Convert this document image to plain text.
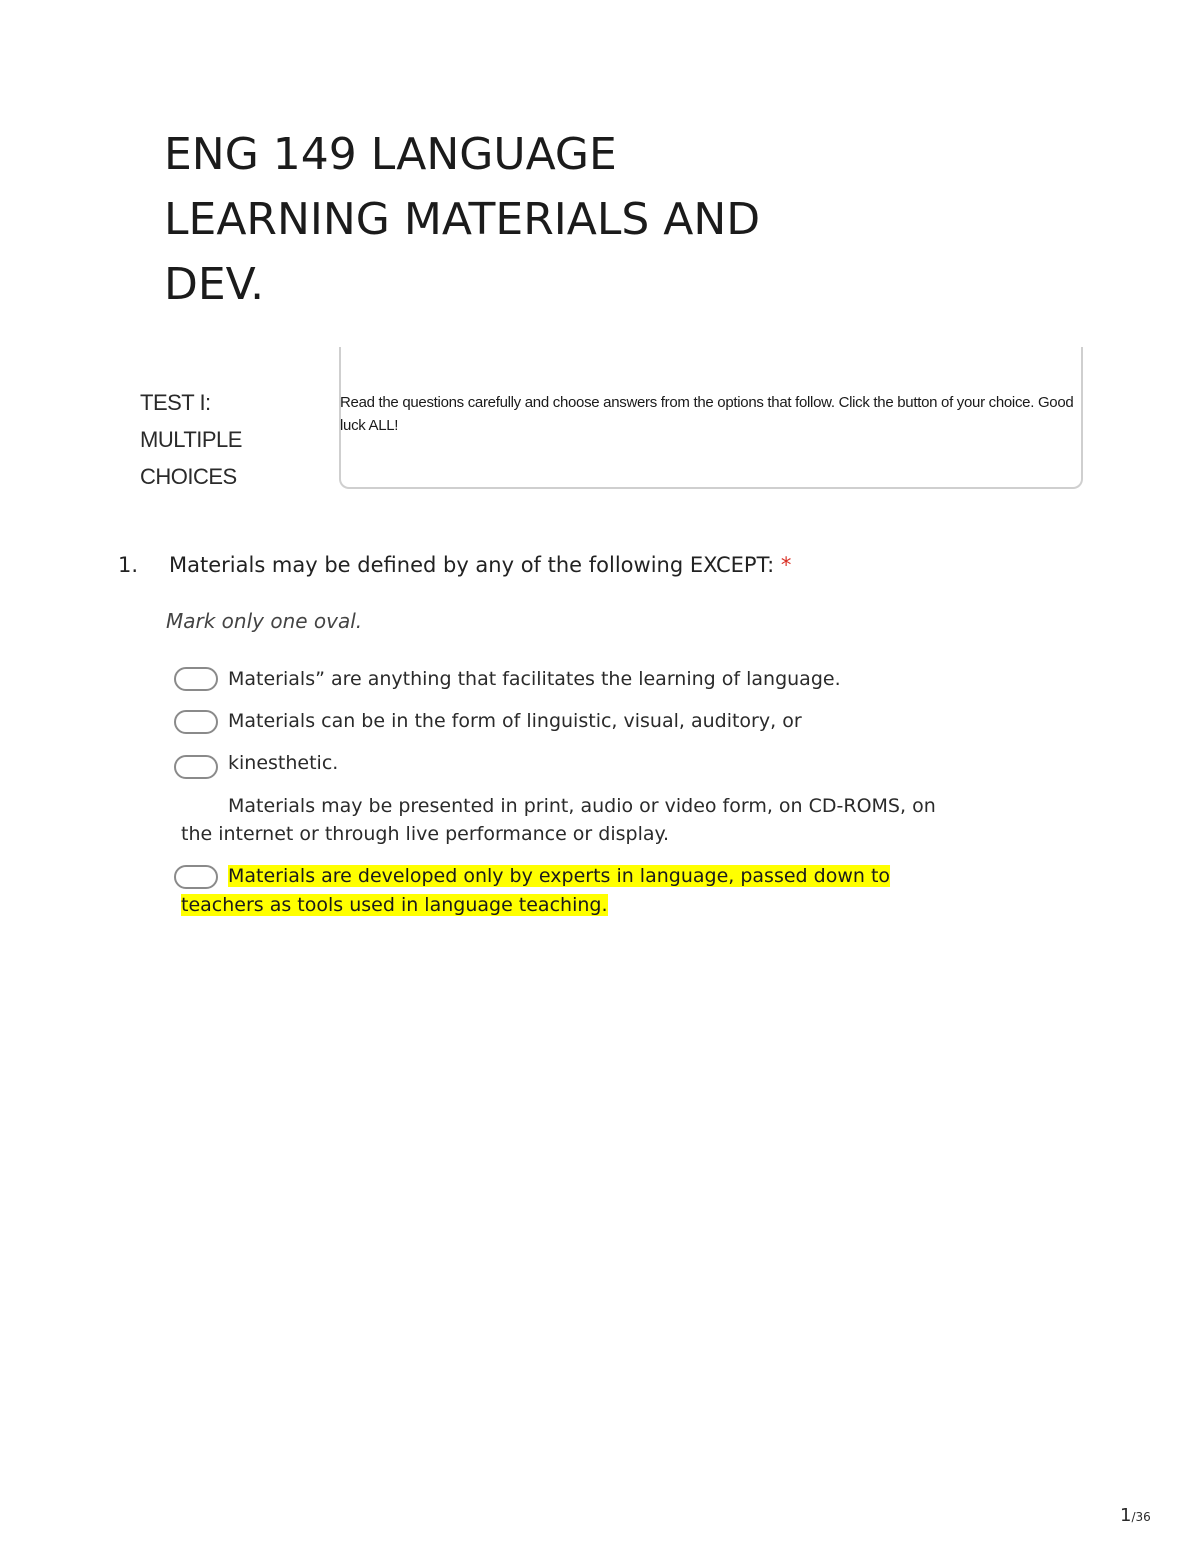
ENG 149 LANGUAGE
LEARNING MATERIALS AND
DEV.
TEST I:
MULTIPLE
CHOICES
Read the questions carefully and choose answers from the options that follow. Click the button of your choice. Good luck ALL!
1. Materials may be defined by any of the following EXCEPT: *
Mark only one oval.
Materials” are anything that facilitates the learning of language.
Materials can be in the form of linguistic, visual, auditory, or
kinesthetic.
Materials may be presented in print, audio or video form, on CD-ROMS, on
the internet or through live performance or display.
Materials are developed only by experts in language, passed down to
teachers as tools used in language teaching.
1/36
